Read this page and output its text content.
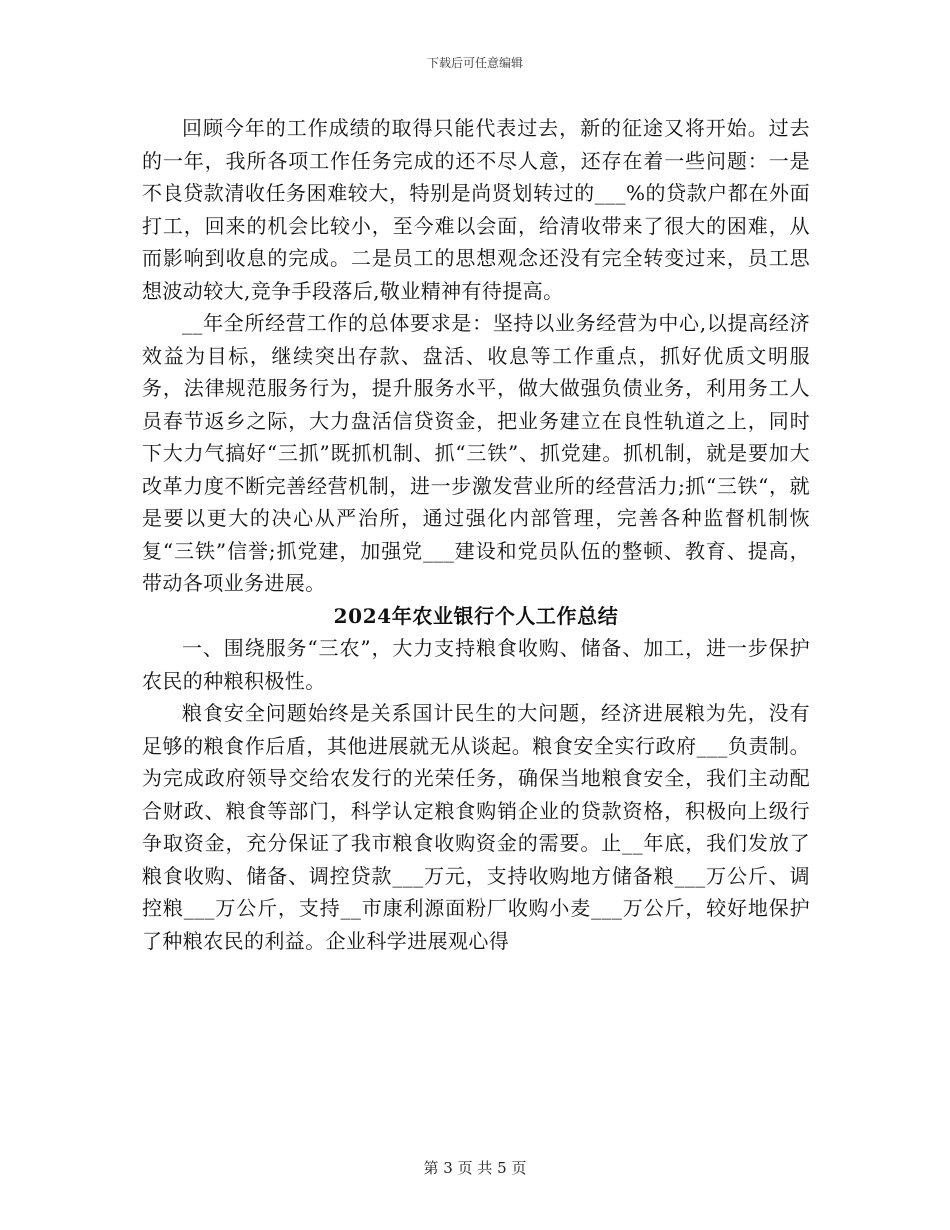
下载后可任意编辑

回顾今年的工作成绩的取得只能代表过去，新的征途又将开始。过去的一年，我所各项工作任务完成的还不尽人意，还存在着一些问题：一是不良贷款清收任务困难较大，特别是尚贤划转过的___%的贷款户都在外面打工，回来的机会比较小，至今难以会面，给清收带来了很大的困难，从而影响到收息的完成。二是员工的思想观念还没有完全转变过来，员工思想波动较大,竞争手段落后,敬业精神有待提高。

__年全所经营工作的总体要求是：坚持以业务经营为中心,以提高经济效益为目标，继续突出存款、盘活、收息等工作重点，抓好优质文明服务，法律规范服务行为，提升服务水平，做大做强负债业务，利用务工人员春节返乡之际，大力盘活信贷资金，把业务建立在良性轨道之上，同时下大力气搞好“三抓”既抓机制、抓“三铁”、抓党建。抓机制，就是要加大改革力度不断完善经营机制，进一步激发营业所的经营活力;抓“三铁“，就是要以更大的决心从严治所，通过强化内部管理，完善各种监督机制恢复“三铁”信誉;抓党建，加强党___建设和党员队伍的整顿、教育、提高，带动各项业务进展。

2024年农业银行个人工作总结

一、围绕服务“三农”，大力支持粮食收购、储备、加工，进一步保护农民的种粮积极性。

粮食安全问题始终是关系国计民生的大问题，经济进展粮为先，没有足够的粮食作后盾，其他进展就无从谈起。粮食安全实行政府___负责制。为完成政府领导交给农发行的光荣任务，确保当地粮食安全，我们主动配合财政、粮食等部门，科学认定粮食购销企业的贷款资格，积极向上级行争取资金，充分保证了我市粮食收购资金的需要。止__年底，我们发放了粮食收购、储备、调控贷款___万元，支持收购地方储备粮___万公斤、调控粮___万公斤，支持__市康利源面粉厂收购小麦___万公斤，较好地保护了种粮农民的利益。企业科学进展观心得

第 3 页 共 5 页
